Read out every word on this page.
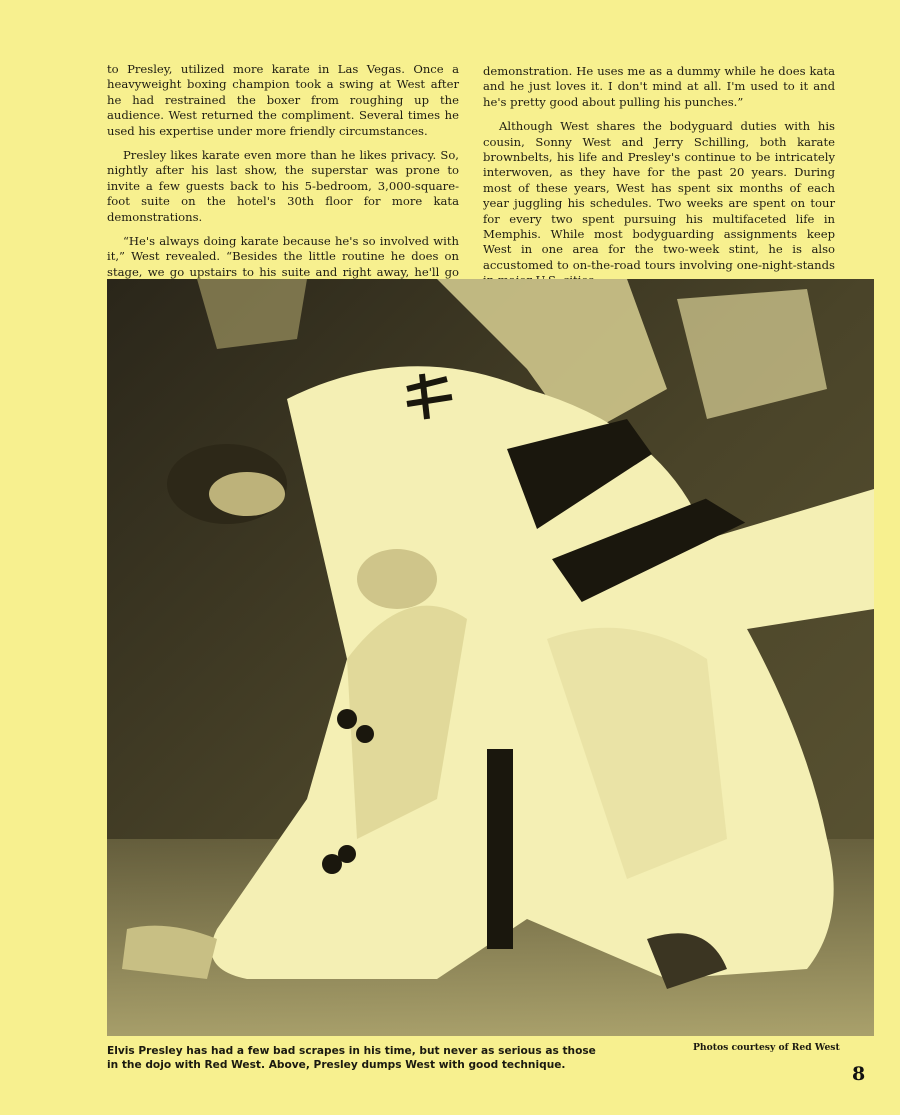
to Presley, utilized more karate in Las Vegas. Once a heavyweight boxing champion took a swing at West after he had restrained the boxer from roughing up the audience. West returned the compliment. Several times he used his expertise under more friendly circumstances.

Presley likes karate even more than he likes privacy. So, nightly after his last show, the superstar was prone to invite a few guests back to his 5-bedroom, 3,000-square-foot suite on the hotel's 30th floor for more kata demonstrations.

“He's always doing karate because he's so involved with it,” West revealed. “Besides the little routine he does on stage, we go upstairs to his suite and right away, he'll go

demonstration. He uses me as a dummy while he does kata and he just loves it. I don't mind at all. I'm used to it and he's pretty good about pulling his punches.”

Although West shares the bodyguard duties with his cousin, Sonny West and Jerry Schilling, both karate brownbelts, his life and Presley's continue to be intricately interwoven, as they have for the past 20 years. During most of these years, West has spent six months of each year juggling his schedules. Two weeks are spent on tour for every two spent pursuing his multifaceted life in Memphis. While most bodyguarding assignments keep West in one area for the two-week stint, he is also accustomed to on-the-road tours involving one-night-stands

Elvis Presley has had a few bad scrapes in his time, but never as serious as those in the dojo with Red West. Above, Presley dumps West with good technique.
Photos courtesy of Red West
8
